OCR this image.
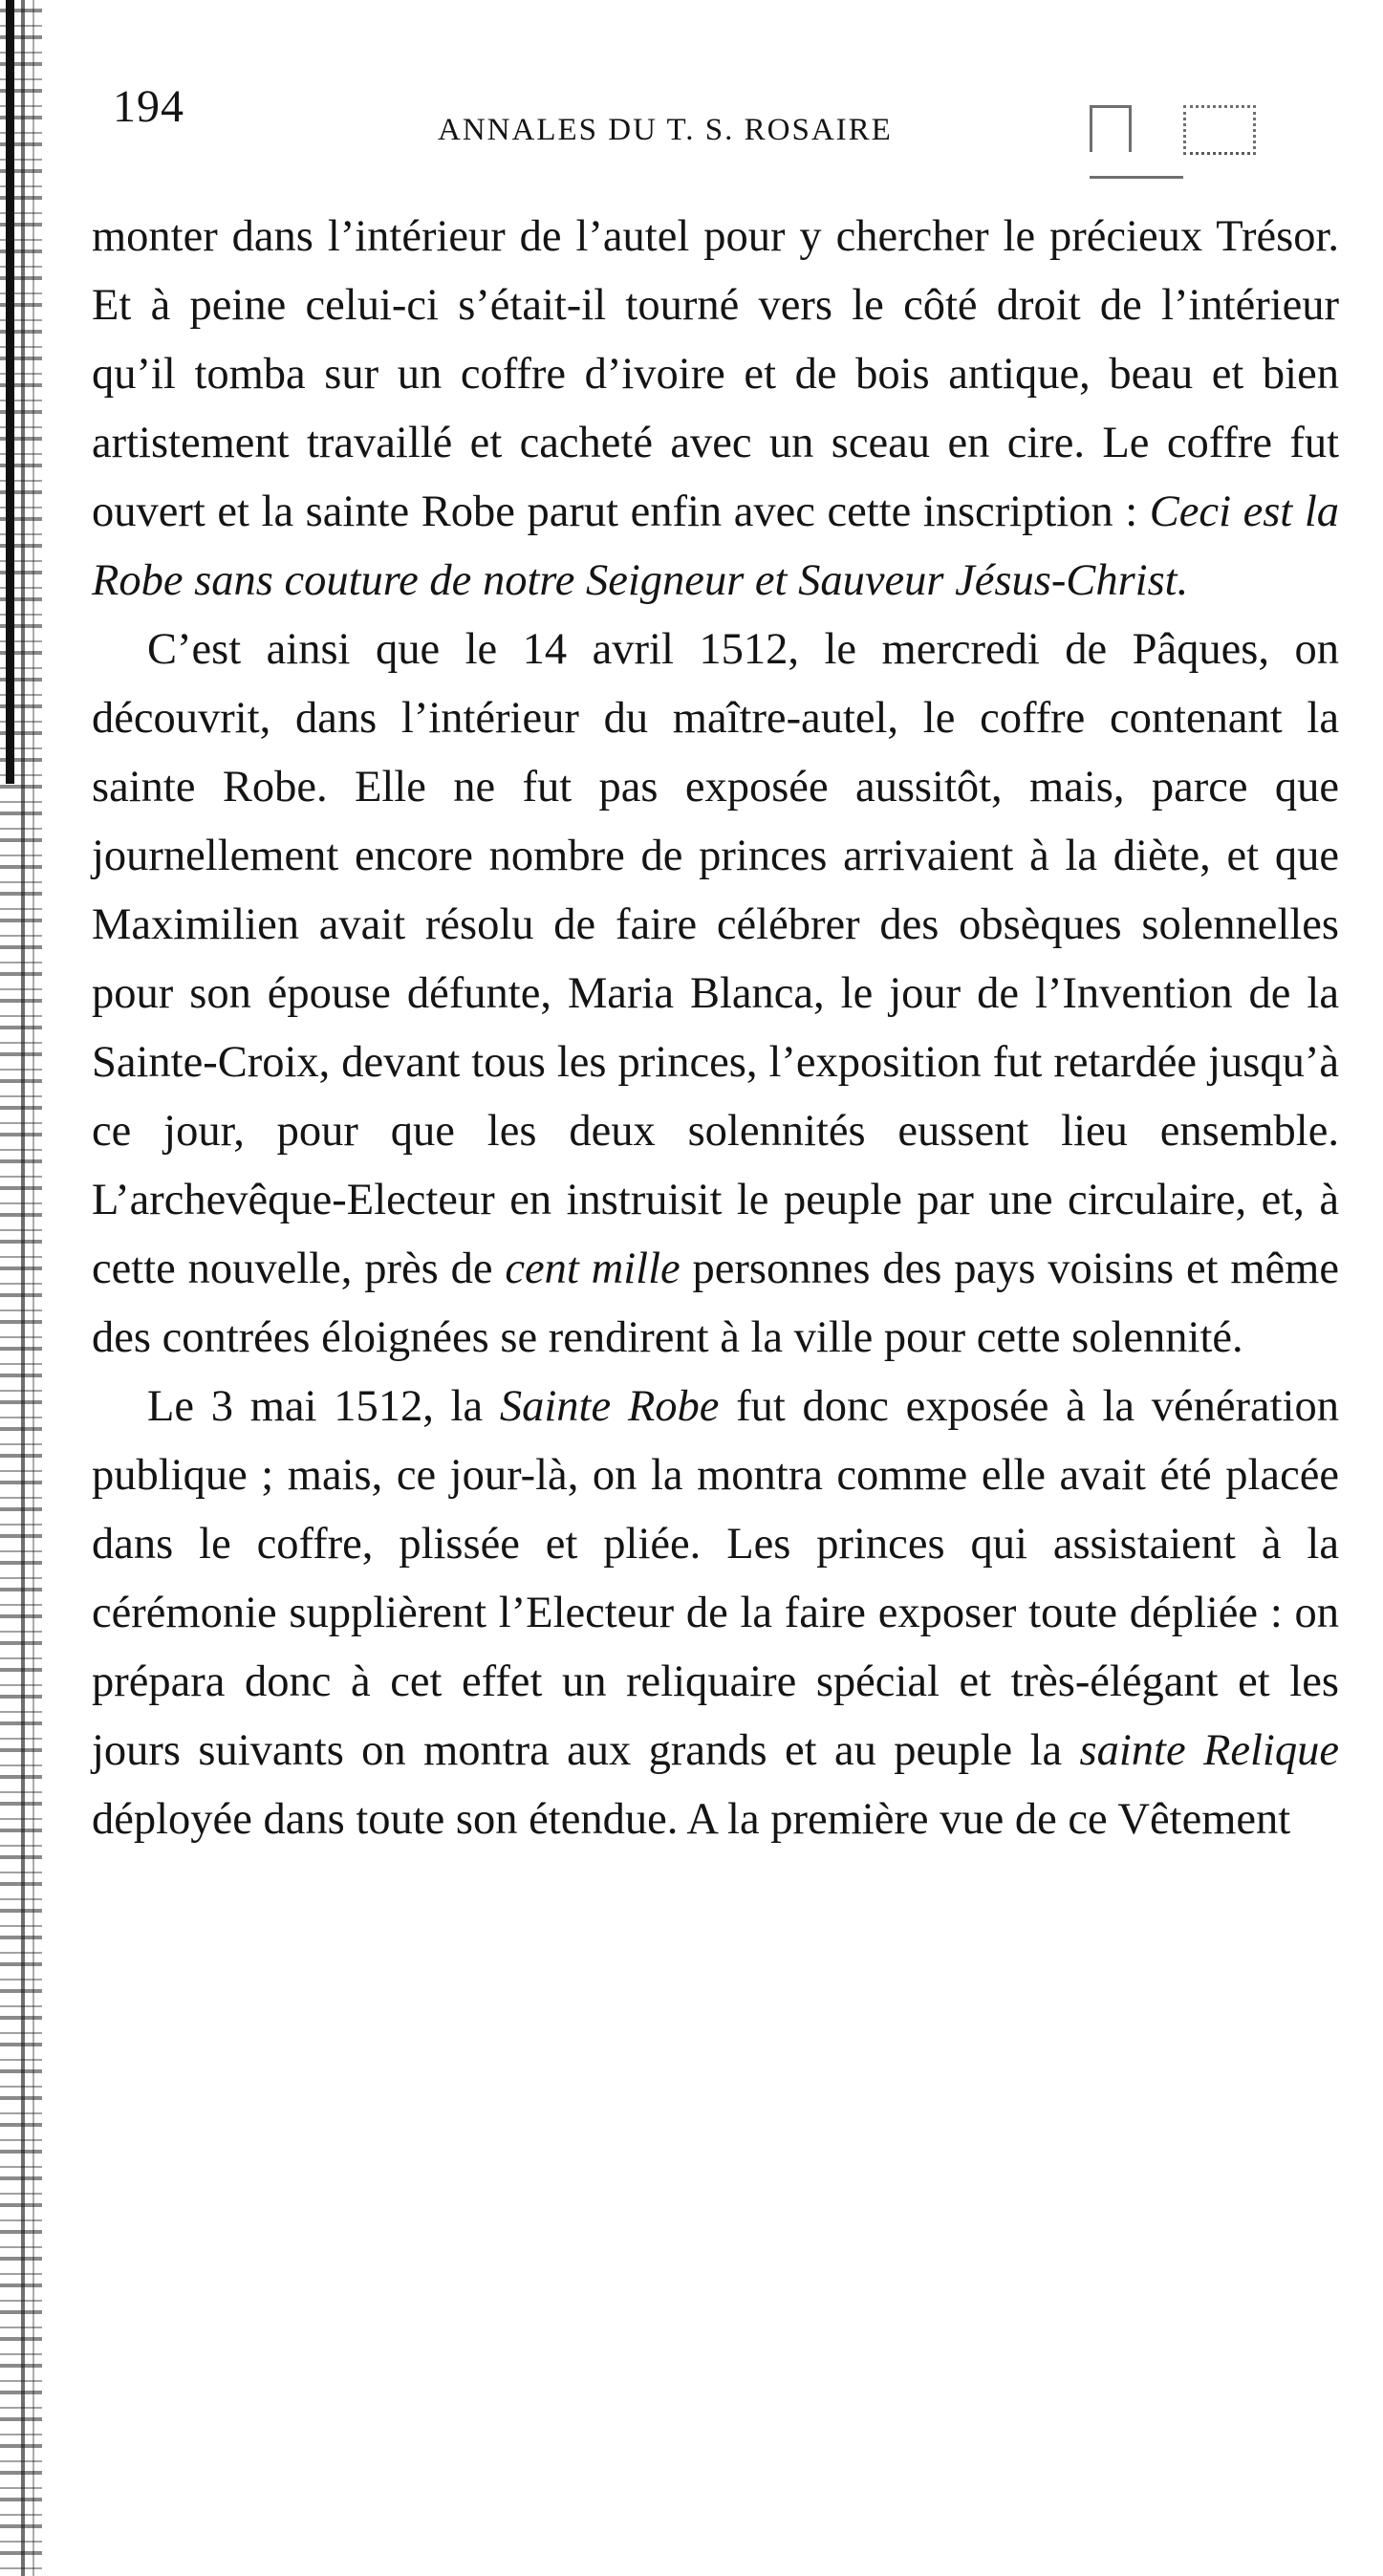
194	ANNALES DU T. S. ROSAIRE

monter dans l’intérieur de l’autel pour y chercher le précieux Trésor. Et à peine celui-ci s’était-il tourné vers le côté droit de l’intérieur qu’il tomba sur un coffre d’ivoire et de bois antique, beau et bien artistement travaillé et cacheté avec un sceau en cire. Le coffre fut ouvert et la sainte Robe parut enfin avec cette inscription : Ceci est la Robe sans couture de notre Seigneur et Sauveur Jésus-Christ.

C’est ainsi que le 14 avril 1512, le mercredi de Pâques, on découvrit, dans l’intérieur du maître-autel, le coffre contenant la sainte Robe. Elle ne fut pas exposée aussitôt, mais, parce que journellement encore nombre de princes arrivaient à la diète, et que Maximilien avait résolu de faire célébrer des obsèques solennelles pour son épouse défunte, Maria Blanca, le jour de l’Invention de la Sainte-Croix, devant tous les princes, l’exposition fut retardée jusqu’à ce jour, pour que les deux solennités eussent lieu ensemble. L’archevêque-Electeur en instruisit le peuple par une circulaire, et, à cette nouvelle, près de cent mille personnes des pays voisins et même des contrées éloignées se rendirent à la ville pour cette solennité.

Le 3 mai 1512, la Sainte Robe fut donc exposée à la vénération publique ; mais, ce jour-là, on la montra comme elle avait été placée dans le coffre, plissée et pliée. Les princes qui assistaient à la cérémonie supplièrent l’Electeur de la faire exposer toute dépliée : on prépara donc à cet effet un reliquaire spécial et très-élégant et les jours suivants on montra aux grands et au peuple la sainte Relique déployée dans toute son étendue. A la première vue de ce Vêtement
